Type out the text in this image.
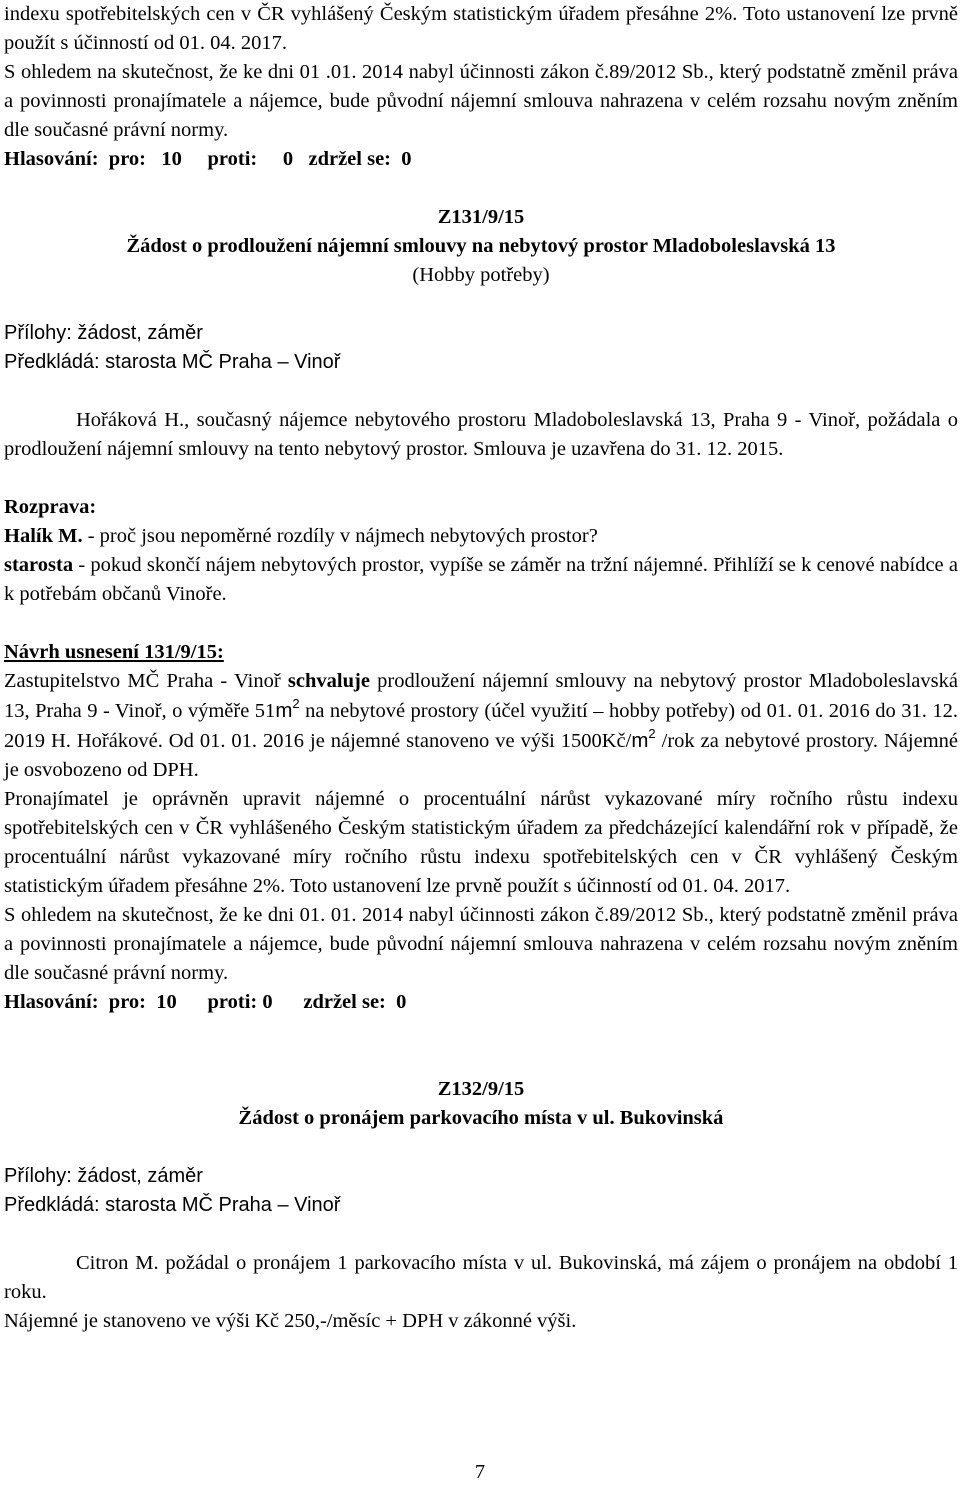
indexu spotřebitelských cen v ČR vyhlášený Českým statistickým úřadem přesáhne 2%. Toto ustanovení lze prvně použít s účinností od 01. 04. 2017.

S ohledem na skutečnost, že ke dni 01 .01. 2014 nabyl účinnosti zákon č.89/2012 Sb., který podstatně změnil práva a povinnosti pronajímatele a nájemce, bude původní nájemní smlouva nahrazena v celém rozsahu novým zněním dle současné právní normy.

Hlasování:  pro:   10     proti:     0   zdržel se:  0

Z131/9/15

Žádost o prodloužení nájemní smlouvy na nebytový prostor Mladoboleslavská 13

(Hobby potřeby)

Přílohy: žádost, záměr

Předkládá: starosta MČ Praha – Vinoř

Hořáková H., současný nájemce nebytového prostoru Mladoboleslavská 13, Praha 9 - Vinoř, požádala o prodloužení nájemní smlouvy na tento nebytový prostor. Smlouva je uzavřena do 31. 12. 2015.

Rozprava:

Halík M. - proč jsou nepoměrné rozdíly v nájmech nebytových prostor?

starosta - pokud skončí nájem nebytových prostor, vypíše se záměr na tržní nájemné. Přihlíží se k cenové nabídce a k potřebám občanů Vinoře.

Návrh usnesení 131/9/15:

Zastupitelstvo MČ Praha - Vinoř schvaluje prodloužení nájemní smlouvy na nebytový prostor Mladoboleslavská 13, Praha 9 - Vinoř, o výměře $51m^2$ na nebytové prostory (účel využití – hobby potřeby) od 01. 01. 2016 do 31. 12. 2019 H. Hořákové. Od 01. 01. 2016 je nájemné stanoveno ve výši $1500Kč/m^2$ /rok za nebytové prostory. Nájemné je osvobozeno od DPH.

Pronajímatel je oprávněn upravit nájemné o procentuální nárůst vykazované míry ročního růstu indexu spotřebitelských cen v ČR vyhlášeného Českým statistickým úřadem za předcházející kalendářní rok v případě, že procentuální nárůst vykazované míry ročního růstu indexu spotřebitelských cen v ČR vyhlášený Českým statistickým úřadem přesáhne 2%. Toto ustanovení lze prvně použít s účinností od 01. 04. 2017.

S ohledem na skutečnost, že ke dni 01. 01. 2014 nabyl účinnosti zákon č.89/2012 Sb., který podstatně změnil práva a povinnosti pronajímatele a nájemce, bude původní nájemní smlouva nahrazena v celém rozsahu novým zněním dle současné právní normy.

Hlasování:  pro:  10      proti: 0      zdržel se:  0

Z132/9/15

Žádost o pronájem parkovacího místa v ul. Bukovinská

Přílohy: žádost, záměr

Předkládá: starosta MČ Praha – Vinoř

Citron M. požádal o pronájem 1 parkovacího místa v ul. Bukovinská, má zájem o pronájem na období 1 roku.

Nájemné je stanoveno ve výši Kč 250,-/měsíc + DPH v zákonné výši.

7
